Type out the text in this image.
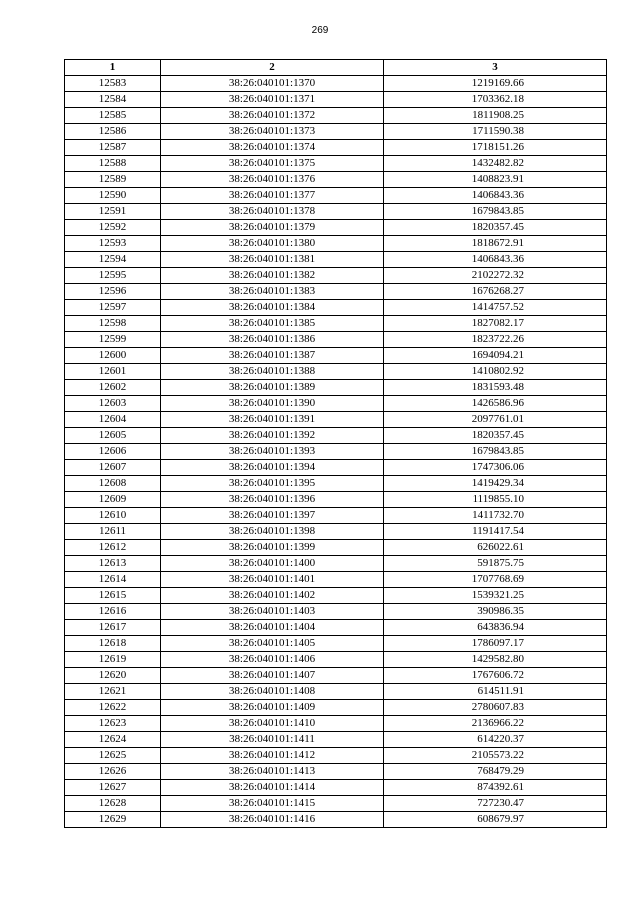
269
1	2	3
12583	38:26:040101:1370	1219169.66
12584	38:26:040101:1371	1703362.18
12585	38:26:040101:1372	1811908.25
12586	38:26:040101:1373	1711590.38
12587	38:26:040101:1374	1718151.26
12588	38:26:040101:1375	1432482.82
12589	38:26:040101:1376	1408823.91
12590	38:26:040101:1377	1406843.36
12591	38:26:040101:1378	1679843.85
12592	38:26:040101:1379	1820357.45
12593	38:26:040101:1380	1818672.91
12594	38:26:040101:1381	1406843.36
12595	38:26:040101:1382	2102272.32
12596	38:26:040101:1383	1676268.27
12597	38:26:040101:1384	1414757.52
12598	38:26:040101:1385	1827082.17
12599	38:26:040101:1386	1823722.26
12600	38:26:040101:1387	1694094.21
12601	38:26:040101:1388	1410802.92
12602	38:26:040101:1389	1831593.48
12603	38:26:040101:1390	1426586.96
12604	38:26:040101:1391	2097761.01
12605	38:26:040101:1392	1820357.45
12606	38:26:040101:1393	1679843.85
12607	38:26:040101:1394	1747306.06
12608	38:26:040101:1395	1419429.34
12609	38:26:040101:1396	1119855.10
12610	38:26:040101:1397	1411732.70
12611	38:26:040101:1398	1191417.54
12612	38:26:040101:1399	626022.61
12613	38:26:040101:1400	591875.75
12614	38:26:040101:1401	1707768.69
12615	38:26:040101:1402	1539321.25
12616	38:26:040101:1403	390986.35
12617	38:26:040101:1404	643836.94
12618	38:26:040101:1405	1786097.17
12619	38:26:040101:1406	1429582.80
12620	38:26:040101:1407	1767606.72
12621	38:26:040101:1408	614511.91
12622	38:26:040101:1409	2780607.83
12623	38:26:040101:1410	2136966.22
12624	38:26:040101:1411	614220.37
12625	38:26:040101:1412	2105573.22
12626	38:26:040101:1413	768479.29
12627	38:26:040101:1414	874392.61
12628	38:26:040101:1415	727230.47
12629	38:26:040101:1416	608679.97
